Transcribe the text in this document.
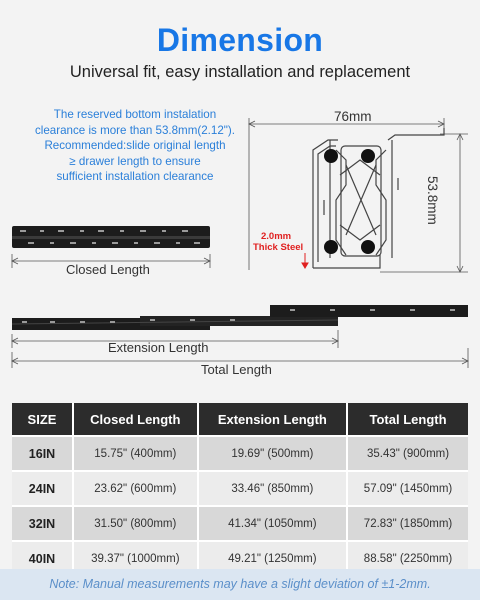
Dimension
Universal fit, easy installation and replacement
The reserved bottom instalation
clearance is more than 53.8mm(2.12").
Recommended:slide original length
≥ drawer length to ensure
sufficient installation clearance
76mm
53.8mm
2.0mm
Thick Steel
Closed Length
Extension Length
Total Length
SIZE	Closed Length	Extension Length	Total Length
16IN	15.75" (400mm)	19.69" (500mm)	35.43" (900mm)
24IN	23.62" (600mm)	33.46" (850mm)	57.09" (1450mm)
32IN	31.50" (800mm)	41.34" (1050mm)	72.83" (1850mm)
40IN	39.37" (1000mm)	49.21" (1250mm)	88.58" (2250mm)
Note: Manual measurements may have a slight deviation of ±1-2mm.
